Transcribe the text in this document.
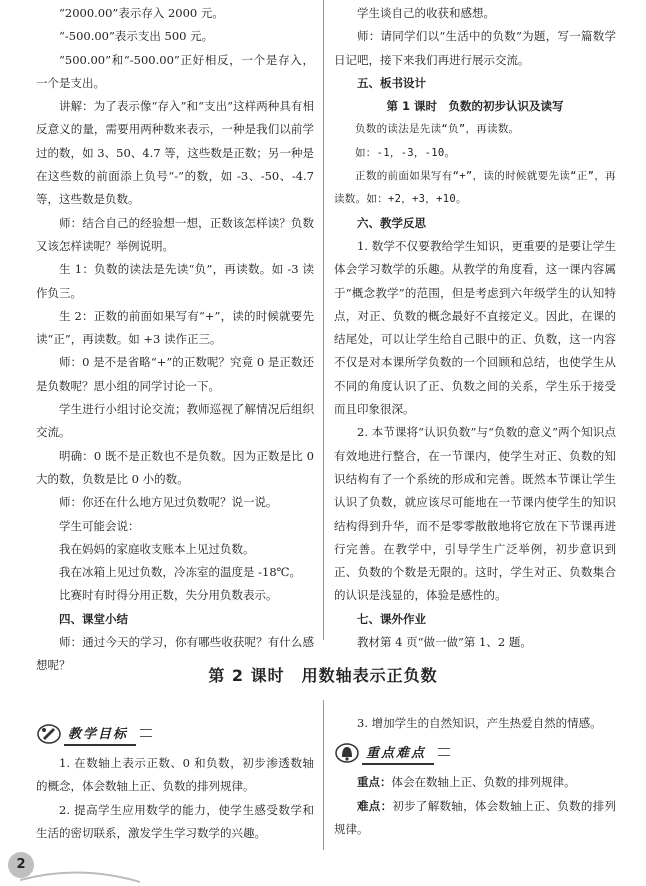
“2000.00”表示存入 2000 元。

“-500.00”表示支出 500 元。

“500.00”和“-500.00”正好相反，一个是存入，一个是支出。

讲解：为了表示像“存入”和“支出”这样两种具有相反意义的量，需要用两种数来表示，一种是我们以前学过的数，如 3、50、4.7 等，这些数是正数；另一种是在这些数的前面添上负号“-”的数，如 -3、-50、-4.7 等，这些数是负数。

师：结合自己的经验想一想，正数该怎样读？负数又该怎样读呢？举例说明。

生 1：负数的读法是先读“负”，再读数。如 -3 读作负三。

生 2：正数的前面如果写有“+”，读的时候就要先读“正”，再读数。如 +3 读作正三。

师：0 是不是省略“+”的正数呢？究竟 0 是正数还是负数呢？思小组的同学讨论一下。

学生进行小组讨论交流；教师巡视了解情况后组织交流。

明确：0 既不是正数也不是负数。因为正数是比 0 大的数，负数是比 0 小的数。

师：你还在什么地方见过负数呢？说一说。

学生可能会说：

我在妈妈的家庭收支账本上见过负数。

我在冰箱上见过负数，冷冻室的温度是 -18℃。

比赛时有时得分用正数，失分用负数表示。

四、课堂小结

师：通过今天的学习，你有哪些收获呢？有什么感想呢？

学生谈自己的收获和感想。

师：请同学们以“生活中的负数”为题，写一篇数学日记吧，接下来我们再进行展示交流。

五、板书设计

第 1 课时　负数的初步认识及读写

负数的读法是先读“负”，再读数。

如：-1，-3，-10。

正数的前面如果写有“+”，读的时候就要先读“正”，再读数。如：+2，+3，+10。

六、教学反思

1. 数学不仅要教给学生知识，更重要的是要让学生体会学习数学的乐趣。从教学的角度看，这一课内容属于“概念教学”的范围，但是考虑到六年级学生的认知特点，对正、负数的概念最好不直接定义。因此，在课的结尾处，可以让学生给自己眼中的正、负数，这一内容不仅是对本课所学负数的一个回顾和总结，也使学生从不同的角度认识了正、负数之间的关系，学生乐于接受而且印象很深。

2. 本节课将“认识负数”与“负数的意义”两个知识点有效地进行整合，在一节课内，使学生对正、负数的知识结构有了一个系统的形成和完善。既然本节课让学生认识了负数，就应该尽可能地在一节课内使学生的知识结构得到升华，而不是零零散散地将它放在下节课再进行完善。在教学中，引导学生广泛举例，初步意识到正、负数的个数是无限的。这时，学生对正、负数集合的认识是浅显的，体验是感性的。

七、课外作业

教材第 4 页“做一做”第 1、2 题。

第 2 课时　用数轴表示正负数
教学目标

1. 在数轴上表示正数、0 和负数，初步渗透数轴的概念，体会数轴上正、负数的排列规律。

2. 提高学生应用数学的能力，使学生感受数学和生活的密切联系，激发学生学习数学的兴趣。

3. 增加学生的自然知识，产生热爱自然的情感。

重点难点

重点：体会在数轴上正、负数的排列规律。

难点：初步了解数轴，体会数轴上正、负数的排列规律。

2
